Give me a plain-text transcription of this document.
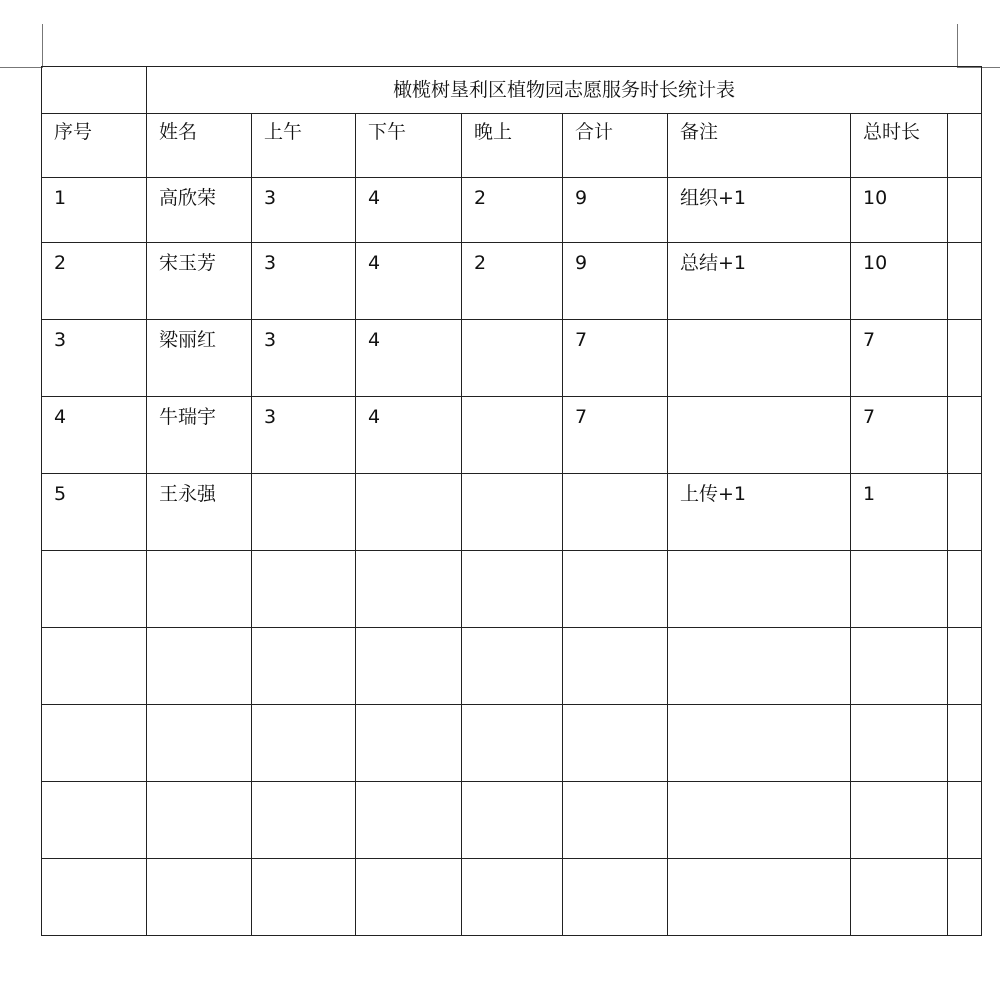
	橄榄树垦利区植物园志愿服务时长统计表							
序号	姓名	上午	下午	晚上	合计	备注	总时长	
1	高欣荣	3	4	2	9	组织+1	10	
2	宋玉芳	3	4	2	9	总结+1	10	
3	梁丽红	3	4		7		7	
4	牛瑞宇	3	4		7		7	
5	王永强					上传+1	1	
